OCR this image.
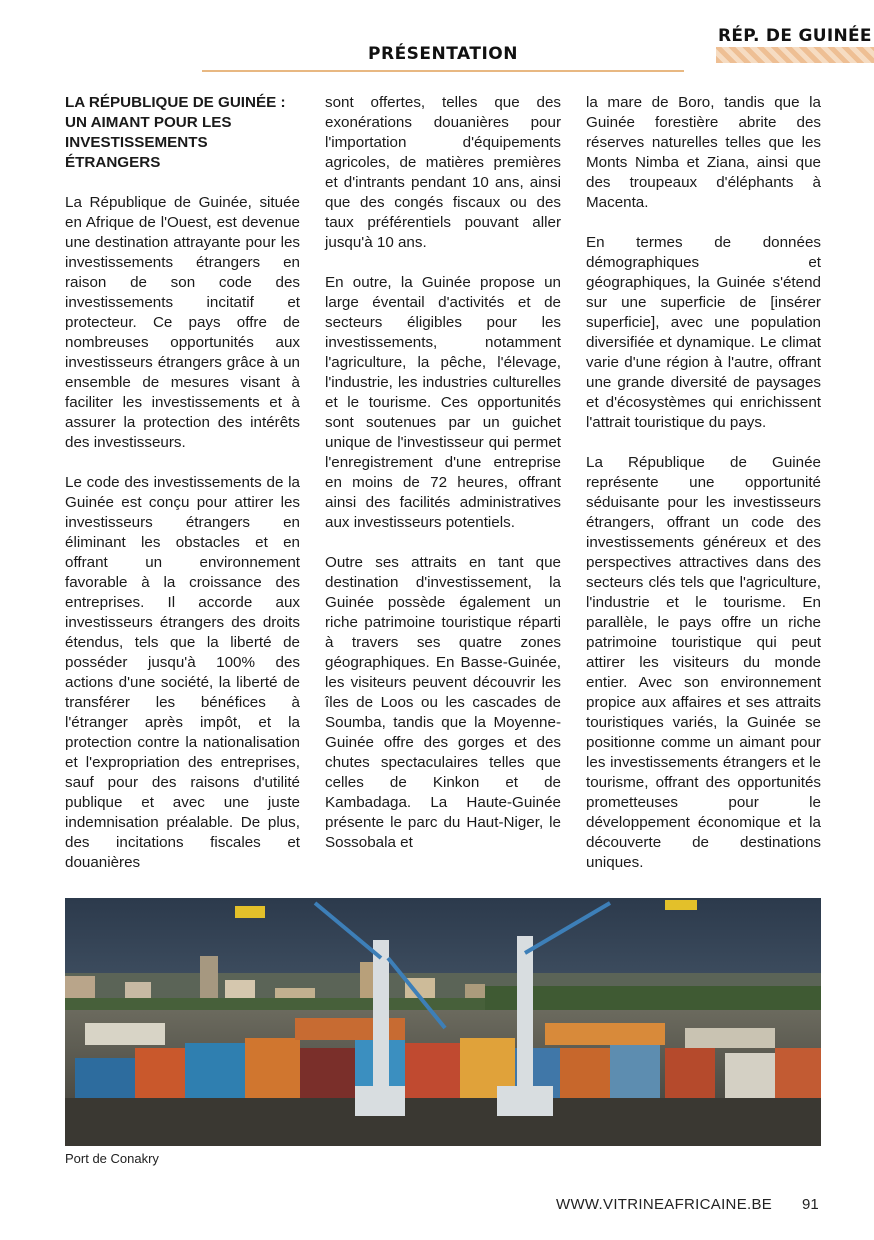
PRÉSENTATION
RÉP. DE GUINÉE
LA RÉPUBLIQUE DE GUINÉE : UN AIMANT POUR LES INVESTISSEMENTS ÉTRANGERS

La République de Guinée, située en Afrique de l'Ouest, est devenue une destination attrayante pour les investissements étrangers en raison de son code des investissements incitatif et protecteur. Ce pays offre de nombreuses opportunités aux investisseurs étrangers grâce à un ensemble de mesures visant à faciliter les investissements et à assurer la protection des intérêts des investisseurs.

Le code des investissements de la Guinée est conçu pour attirer les investisseurs étrangers en éliminant les obstacles et en offrant un environnement favorable à la croissance des entreprises. Il accorde aux investisseurs étrangers des droits étendus, tels que la liberté de posséder jusqu'à 100% des actions d'une société, la liberté de transférer les bénéfices à l'étranger après impôt, et la protection contre la nationalisation et l'expropriation des entreprises, sauf pour des raisons d'utilité publique et avec une juste indemnisation préalable. De plus, des incitations fiscales et douanières

sont offertes, telles que des exonérations douanières pour l'importation d'équipements agricoles, de matières premières et d'intrants pendant 10 ans, ainsi que des congés fiscaux ou des taux préférentiels pouvant aller jusqu'à 10 ans.

En outre, la Guinée propose un large éventail d'activités et de secteurs éligibles pour les investissements, notamment l'agriculture, la pêche, l'élevage, l'industrie, les industries culturelles et le tourisme. Ces opportunités sont soutenues par un guichet unique de l'investisseur qui permet l'enregistrement d'une entreprise en moins de 72 heures, offrant ainsi des facilités administratives aux investisseurs potentiels.

Outre ses attraits en tant que destination d'investissement, la Guinée possède également un riche patrimoine touristique réparti à travers ses quatre zones géographiques. En Basse-Guinée, les visiteurs peuvent découvrir les îles de Loos ou les cascades de Soumba, tandis que la Moyenne-Guinée offre des gorges et des chutes spectaculaires telles que celles de Kinkon et de Kambadaga. La Haute-Guinée présente le parc du Haut-Niger, le Sossobala et

la mare de Boro, tandis que la Guinée forestière abrite des réserves naturelles telles que les Monts Nimba et Ziana, ainsi que des troupeaux d'éléphants à Macenta.

En termes de données démographiques et géographiques, la Guinée s'étend sur une superficie de [insérer superficie], avec une population diversifiée et dynamique. Le climat varie d'une région à l'autre, offrant une grande diversité de paysages et d'écosystèmes qui enrichissent l'attrait touristique du pays.

La République de Guinée représente une opportunité séduisante pour les investisseurs étrangers, offrant un code des investissements généreux et des perspectives attractives dans des secteurs clés tels que l'agriculture, l'industrie et le tourisme. En parallèle, le pays offre un riche patrimoine touristique qui peut attirer les visiteurs du monde entier. Avec son environnement propice aux affaires et ses attraits touristiques variés, la Guinée se positionne comme un aimant pour les investissements étrangers et le tourisme, offrant des opportunités prometteuses pour le développement économique et la découverte de destinations uniques.

Port de Conakry
WWW.VITRINEAFRICAINE.BE 91
